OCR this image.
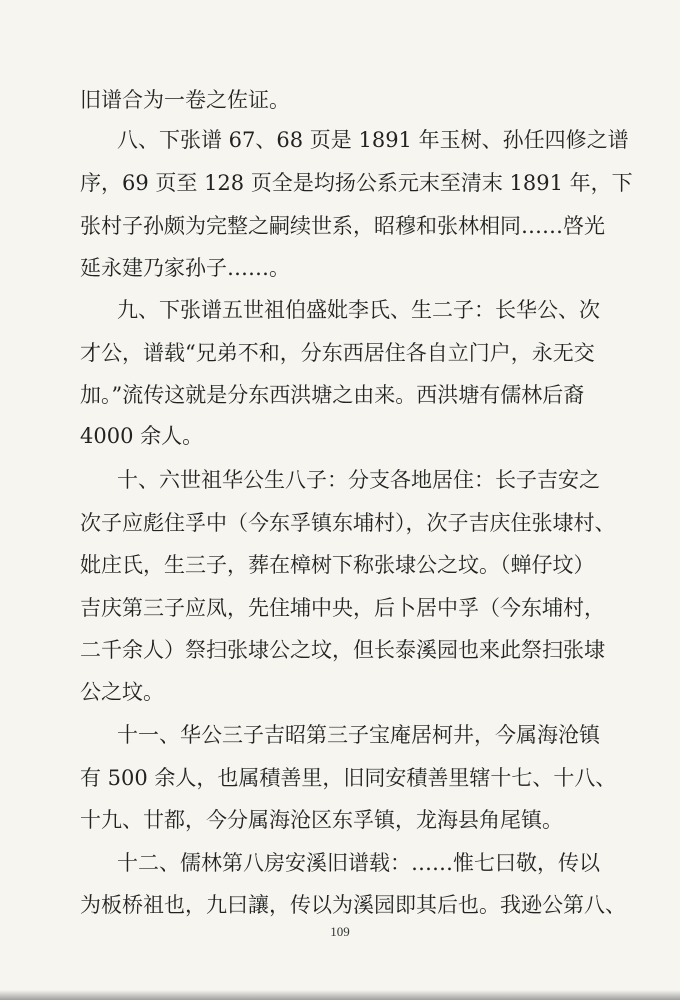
旧谱合为一卷之佐证。
八、下张谱 67、68 页是 1891 年玉树、孙任四修之谱
序，69 页至 128 页全是均扬公系元末至清末 1891 年，下
张村子孙颇为完整之嗣续世系，昭穆和张林相同……啓光
延永建乃家孙子……。
九、下张谱五世祖伯盛妣李氏、生二子：长华公、次
才公，谱载“兄弟不和，分东西居住各自立门户，永无交
加。”流传这就是分东西洪塘之由来。西洪塘有儒林后裔
4000 余人。
十、六世祖华公生八子：分支各地居住：长子吉安之
次子应彪住孚中（今东孚镇东埔村），次子吉庆住张埭村、
妣庄氏，生三子，葬在樟树下称张埭公之坟。（蝉仔坟）
吉庆第三子应凤，先住埔中央，后卜居中孚（今东埔村，
二千余人）祭扫张埭公之坟，但长泰溪园也来此祭扫张埭
公之坟。
十一、华公三子吉昭第三子宝庵居柯井，今属海沧镇
有 500 余人，也属積善里，旧同安積善里辖十七、十八、
十九、廿都，今分属海沧区东孚镇，龙海县角尾镇。
十二、儒林第八房安溪旧谱载：……惟七曰敬，传以
为板桥祖也，九曰讓，传以为溪园即其后也。我逊公第八、
109
